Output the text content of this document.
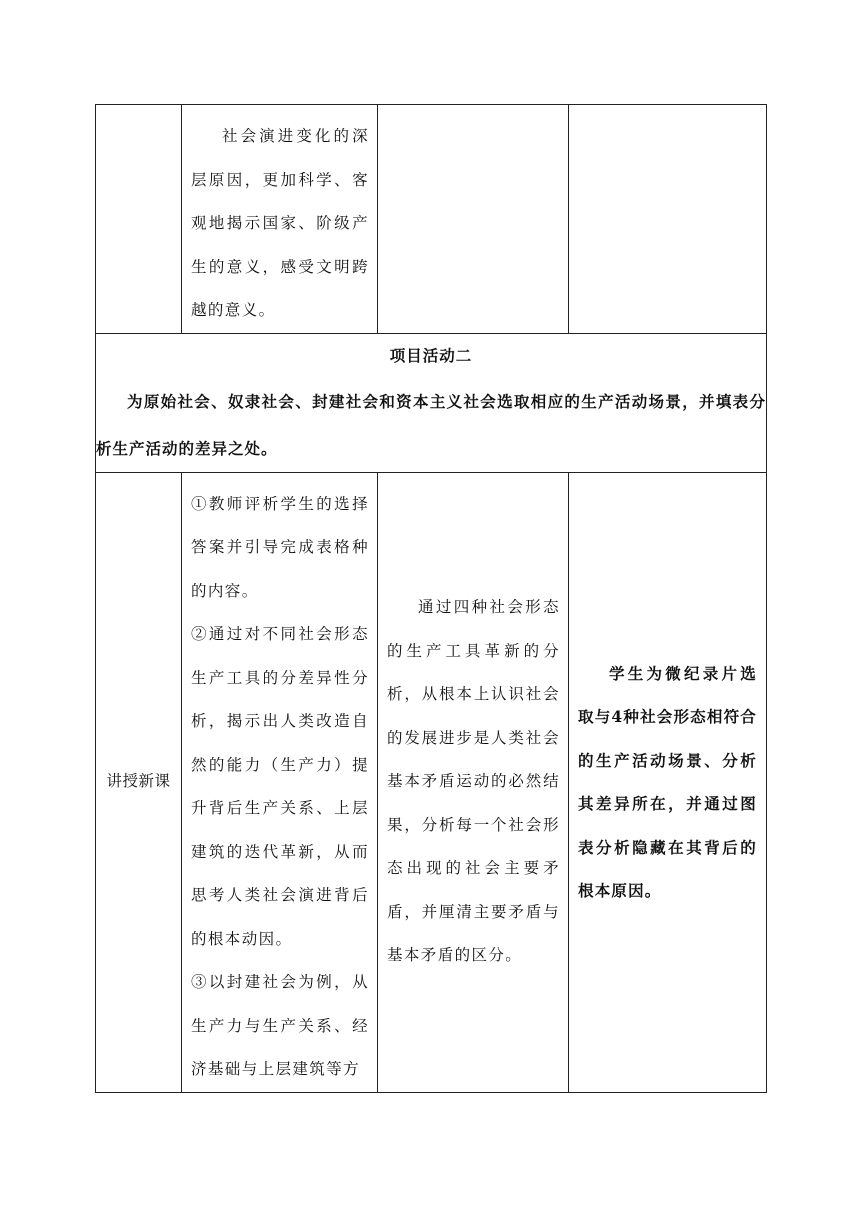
	社会演进变化的深层原因，更加科学、客观地揭示国家、阶级产生的意义，感受文明跨越的意义。		

项目活动二
为原始社会、奴隶社会、封建社会和资本主义社会选取相应的生产活动场景，并填表分析生产活动的差异之处。			

讲授新课	①教师评析学生的选择答案并引导完成表格种的内容。

②通过对不同社会形态生产工具的分差异性分析，揭示出人类改造自然的能力（生产力）提升背后生产关系、上层建筑的迭代革新，从而思考人类社会演进背后的根本动因。

③以封建社会为例，从生产力与生产关系、经济基础与上层建筑等方	通过四种社会形态的生产工具革新的分析，从根本上认识社会的发展进步是人类社会基本矛盾运动的必然结果，分析每一个社会形态出现的社会主要矛盾，并厘清主要矛盾与基本矛盾的区分。	学生为微纪录片选取与4种社会形态相符合的生产活动场景、分析其差异所在，并通过图表分析隐藏在其背后的根本原因。
